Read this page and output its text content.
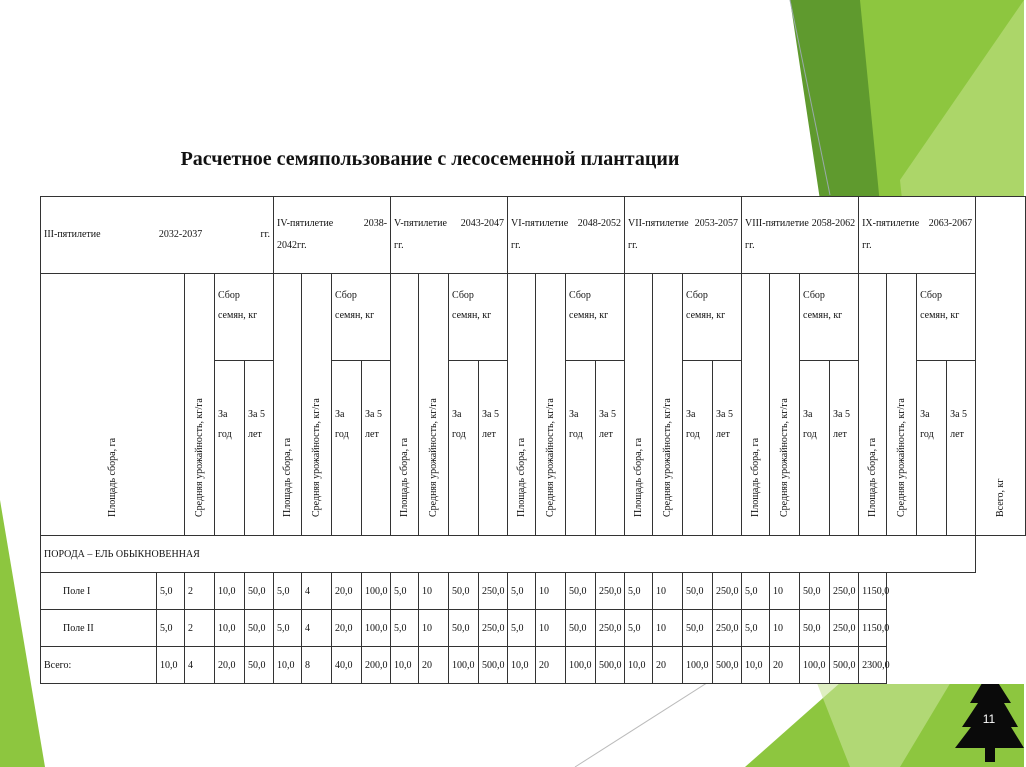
Расчетное семяпользование с лесосеменной плантации
III-пятилетие 2032-2037 гг.					IV-пятилетие 2038-2042гг.				V-пятилетие 2043-2047 гг.				VI-пятилетие 2048-2052 гг.				VII-пятилетие 2053-2057 гг.				VIII-пятилетие 2058-2062 гг.				IX-пятилетие 2063-2067 гг.				Всего, кг

Площадь сбора, га		Средняя урожайность, кг/га	Сбор семян, кг		Площадь сбора, га	Средняя урожайность, кг/га	Сбор семян, кг		Площадь сбора, га	Средняя урожайность, кг/га	Сбор семян, кг		Площадь сбора, га	Средняя урожайность, кг/га	Сбор семян, кг		Площадь сбора, га	Средняя урожайность, кг/га	Сбор семян, кг		Площадь сбора, га	Средняя урожайность, кг/га	Сбор семян, кг		Площадь сбора, га	Средняя урожайность, кг/га	Сбор семян, кг		
			За год	За 5 лет			За год	За 5 лет			За год	За 5 лет			За год	За 5 лет			За год	За 5 лет			За год	За 5 лет			За год	За 5 лет	
ПОРОДА – ЕЛЬ ОБЫКНОВЕННАЯ																													
Поле I	5,0	2	10,0	50,0	5,0	4	20,0	100,0	5,0	10	50,0	250,0	5,0	10	50,0	250,0	5,0	10	50,0	250,0	5,0	10	50,0	250,0	1150,0				
Поле II	5,0	2	10,0	50,0	5,0	4	20,0	100,0	5,0	10	50,0	250,0	5,0	10	50,0	250,0	5,0	10	50,0	250,0	5,0	10	50,0	250,0	1150,0				
Всего:	10,0	4	20,0	50,0	10,0	8	40,0	200,0	10,0	20	100,0	500,0	10,0	20	100,0	500,0	10,0	20	100,0	500,0	10,0	20	100,0	500,0	2300,0				
11
